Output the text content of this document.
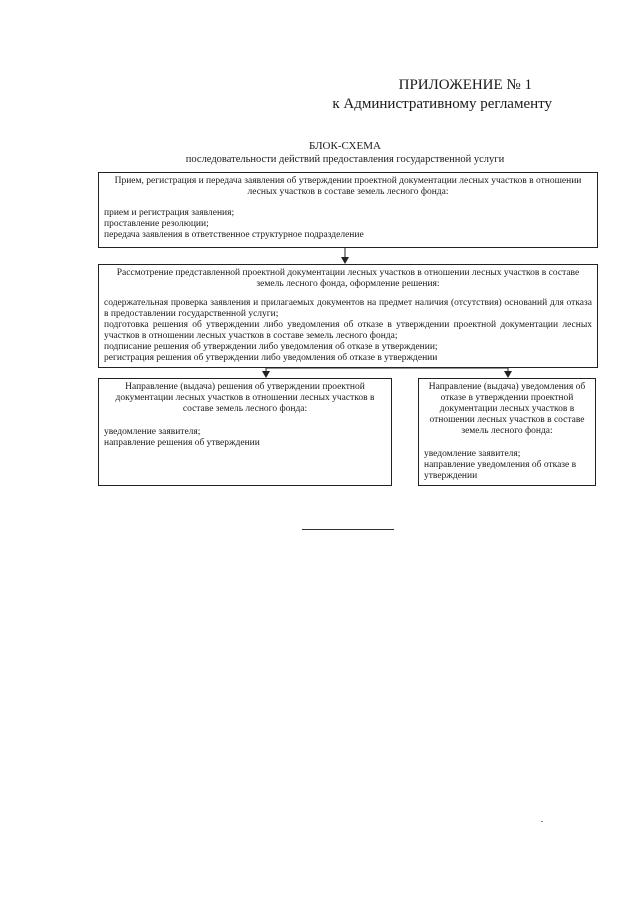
ПРИЛОЖЕНИЕ № 1
к Административному регламенту
БЛОК-СХЕМА
последовательности действий предоставления государственной услуги
Прием, регистрация и передача заявления об утверждении проектной документации лесных участков в отношении лесных участков в составе земель лесного фонда:
прием и регистрация заявления;
проставление резолюции;
передача заявления в ответственное структурное подразделение
Рассмотрение представленной проектной документации лесных участков в отношении лесных участков в составе земель лесного фонда, оформление решения:
содержательная проверка заявления и прилагаемых документов на предмет наличия (отсутствия) оснований для отказа в предоставлении государственной услуги;
подготовка решения об утверждении либо уведомления об отказе в утверждении проектной документации лесных участков в отношении лесных участков в составе земель лесного фонда;
подписание решения об утверждении либо уведомления об отказе в утверждении;
регистрация решения об утверждении либо уведомления об отказе в утверждении
Направление (выдача) решения об утверждении проектной документации лесных участков в отношении лесных участков в составе земель лесного фонда:
уведомление заявителя;
направление решения об утверждении
Направление (выдача) уведомления об отказе в утверждении проектной документации лесных участков в отношении лесных участков в составе земель лесного фонда:
уведомление заявителя;
направление уведомления об отказе в утверждении
